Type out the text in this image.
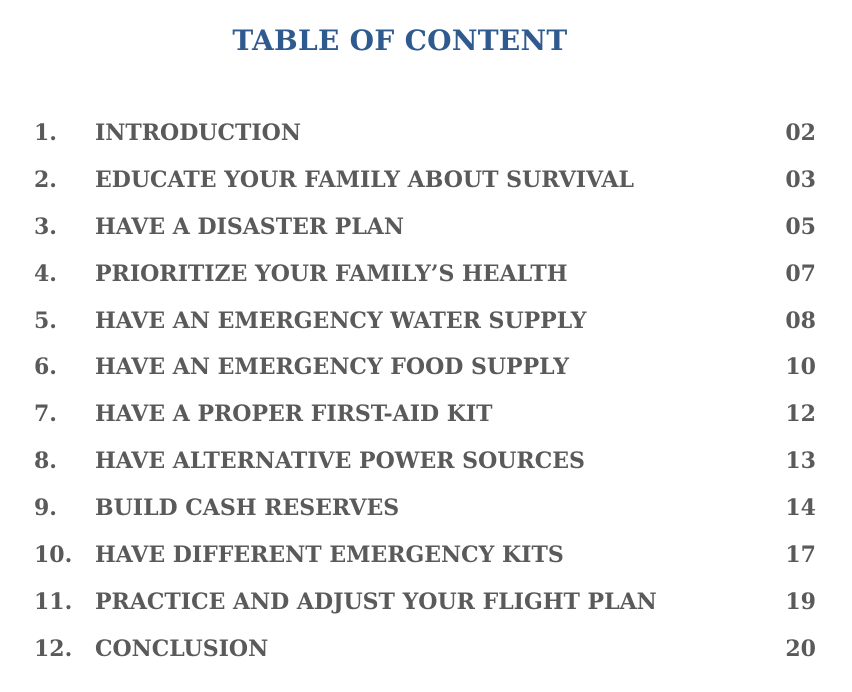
TABLE OF CONTENT
1. INTRODUCTION	02
2. EDUCATE YOUR FAMILY ABOUT SURVIVAL	03
3. HAVE A DISASTER PLAN	05
4. PRIORITIZE YOUR FAMILY’S HEALTH	07
5. HAVE AN EMERGENCY WATER SUPPLY	08
6. HAVE AN EMERGENCY FOOD SUPPLY	10
7. HAVE A PROPER FIRST-AID KIT	12
8. HAVE ALTERNATIVE POWER SOURCES	13
9. BUILD CASH RESERVES	14
10. HAVE DIFFERENT EMERGENCY KITS	17
11. PRACTICE AND ADJUST YOUR FLIGHT PLAN	19
12. CONCLUSION	20
